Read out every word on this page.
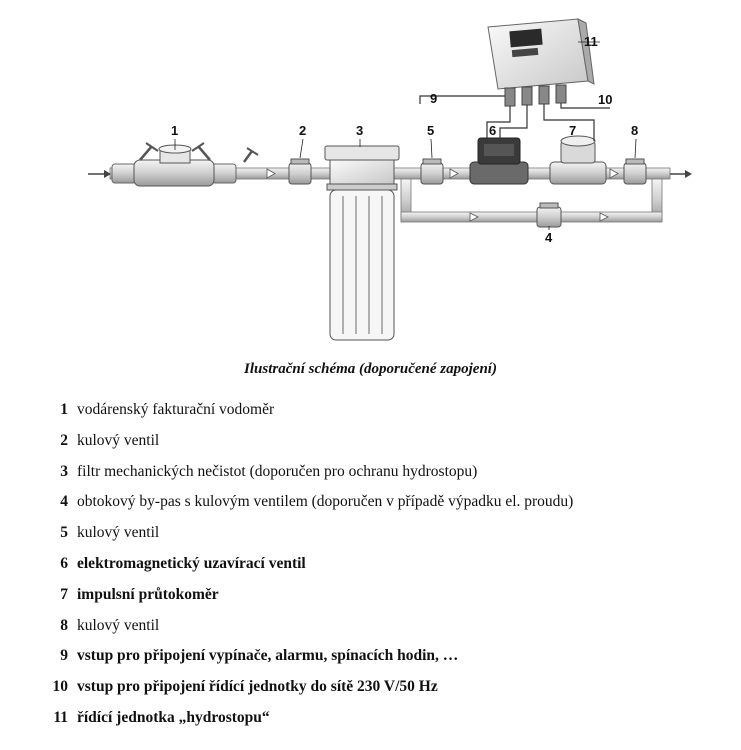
1	2	3	5	6	7	8
4
9	10
11
Ilustrační schéma (doporučené zapojení)
1 vodárenský fakturační vodoměr
2 kulový ventil
3 filtr mechanických nečistot (doporučen pro ochranu hydrostopu)
4 obtokový by-pas s kulovým ventilem (doporučen v případě výpadku el. proudu)
5 kulový ventil
6 elektromagnetický uzavírací ventil
7 impulsní průtokoměr
8 kulový ventil
9 vstup pro připojení vypínače, alarmu, spínacích hodin, …
10 vstup pro připojení řídící jednotky do sítě 230 V/50 Hz
11 řídící jednotka „hydrostopu“
